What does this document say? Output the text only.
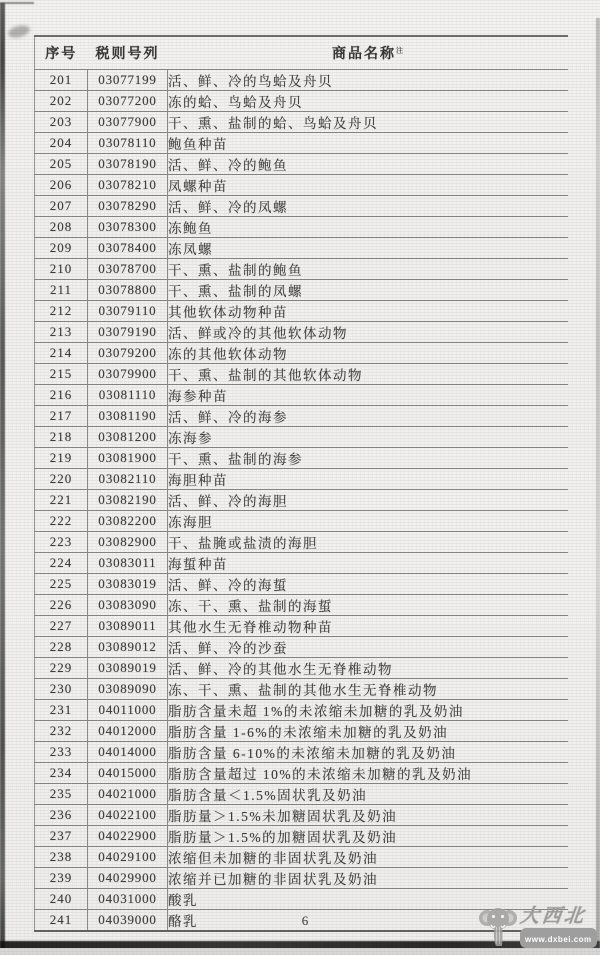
序号	税则号列	商品名称$^注$
201	03077199	活、鲜、冷的鸟蛤及舟贝
202	03077200	冻的蛤、鸟蛤及舟贝
203	03077900	干、熏、盐制的蛤、鸟蛤及舟贝
204	03078110	鲍鱼种苗
205	03078190	活、鲜、冷的鲍鱼
206	03078210	凤螺种苗
207	03078290	活、鲜、冷的凤螺
208	03078300	冻鲍鱼
209	03078400	冻凤螺
210	03078700	干、熏、盐制的鲍鱼
211	03078800	干、熏、盐制的凤螺
212	03079110	其他软体动物种苗
213	03079190	活、鲜或冷的其他软体动物
214	03079200	冻的其他软体动物
215	03079900	干、熏、盐制的其他软体动物
216	03081110	海参种苗
217	03081190	活、鲜、冷的海参
218	03081200	冻海参
219	03081900	干、熏、盐制的海参
220	03082110	海胆种苗
221	03082190	活、鲜、冷的海胆
222	03082200	冻海胆
223	03082900	干、盐腌或盐渍的海胆
224	03083011	海蜇种苗
225	03083019	活、鲜、冷的海蜇
226	03083090	冻、干、熏、盐制的海蜇
227	03089011	其他水生无脊椎动物种苗
228	03089012	活、鲜、冷的沙蚕
229	03089019	活、鲜、冷的其他水生无脊椎动物
230	03089090	冻、干、熏、盐制的其他水生无脊椎动物
231	04011000	脂肪含量未超 1%的未浓缩未加糖的乳及奶油
232	04012000	脂肪含量 1-6%的未浓缩未加糖的乳及奶油
233	04014000	脂肪含量 6-10%的未浓缩未加糖的乳及奶油
234	04015000	脂肪含量超过 10%的未浓缩未加糖的乳及奶油
235	04021000	脂肪含量＜1.5%固状乳及奶油
236	04022100	脂肪量＞1.5%未加糖固状乳及奶油
237	04022900	脂肪量＞1.5%的加糖固状乳及奶油
238	04029100	浓缩但未加糖的非固状乳及奶油
239	04029900	浓缩并已加糖的非固状乳及奶油
240	04031000	酸乳
241	04039000	酪乳	6	大西北
www.dxbei.com
